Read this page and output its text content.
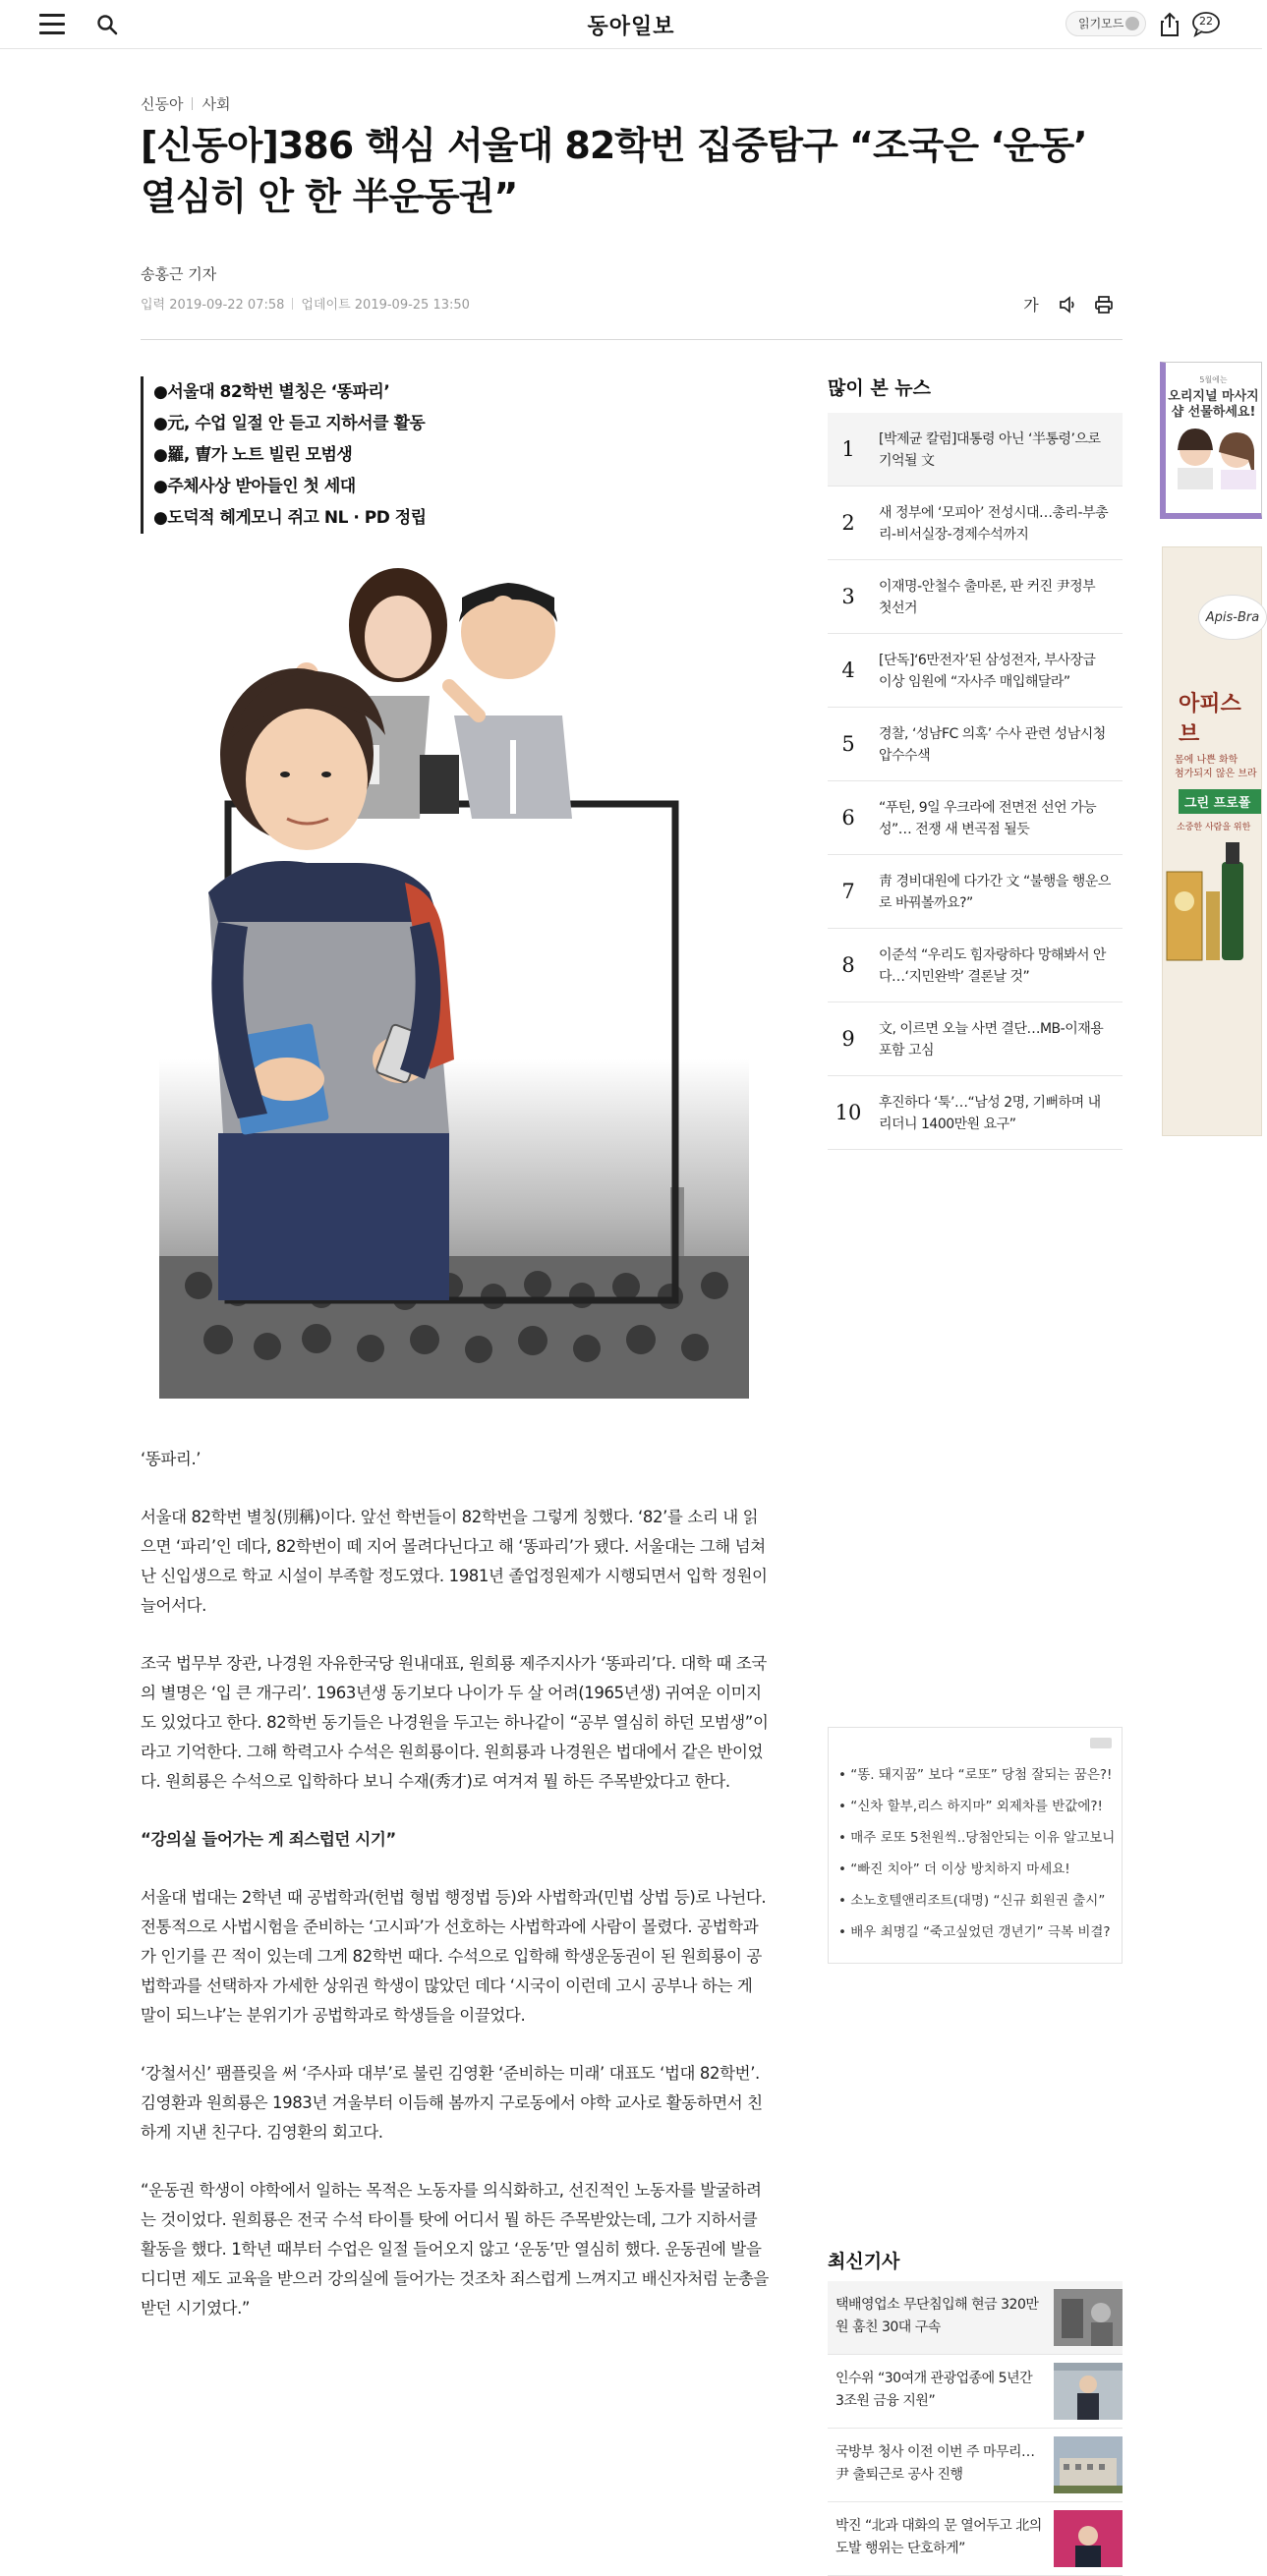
동아일보	읽기모드	22
신동아 사회
[신동아]386 핵심 서울대 82학번 집중탐구 “조국은 ‘운동’ 열심히 안 한 半운동권”
송홍근 기자
입력 2019-09-22 07:58 업데이트 2019-09-25 13:50	가
●서울대 82학번 별칭은 ‘똥파리’
●元, 수업 일절 안 듣고 지하서클 활동
●羅, 曺가 노트 빌린 모범생
●주체사상 받아들인 첫 세대
●도덕적 헤게모니 쥐고 NL · PD 정립

‘똥파리.’

서울대 82학번 별칭(別稱)이다. 앞선 학번들이 82학번을 그렇게 칭했다. ‘82’를 소리 내 읽으면 ‘파리’인 데다, 82학번이 떼 지어 몰려다닌다고 해 ‘똥파리’가 됐다. 서울대는 그해 넘쳐난 신입생으로 학교 시설이 부족할 정도였다. 1981년 졸업정원제가 시행되면서 입학 정원이 늘어서다.

조국 법무부 장관, 나경원 자유한국당 원내대표, 원희룡 제주지사가 ‘똥파리’다. 대학 때 조국의 별명은 ‘입 큰 개구리’. 1963년생 동기보다 나이가 두 살 어려(1965년생) 귀여운 이미지도 있었다고 한다. 82학번 동기들은 나경원을 두고는 하나같이 “공부 열심히 하던 모범생”이라고 기억한다. 그해 학력고사 수석은 원희룡이다. 원희룡과 나경원은 법대에서 같은 반이었다. 원희룡은 수석으로 입학하다 보니 수재(秀才)로 여겨져 뭘 하든 주목받았다고 한다.

“강의실 들어가는 게 죄스럽던 시기”

서울대 법대는 2학년 때 공법학과(헌법 형법 행정법 등)와 사법학과(민법 상법 등)로 나뉜다. 전통적으로 사법시험을 준비하는 ‘고시파’가 선호하는 사법학과에 사람이 몰렸다. 공법학과가 인기를 끈 적이 있는데 그게 82학번 때다. 수석으로 입학해 학생운동권이 된 원희룡이 공법학과를 선택하자 가세한 상위권 학생이 많았던 데다 ‘시국이 이런데 고시 공부나 하는 게 말이 되느냐’는 분위기가 공법학과로 학생들을 이끌었다.

‘강철서신’ 팸플릿을 써 ‘주사파 대부’로 불린 김영환 ‘준비하는 미래’ 대표도 ‘법대 82학번’. 김영환과 원희룡은 1983년 겨울부터 이듬해 봄까지 구로동에서 야학 교사로 활동하면서 친하게 지낸 친구다. 김영환의 회고다.

“운동권 학생이 야학에서 일하는 목적은 노동자를 의식화하고, 선진적인 노동자를 발굴하려는 것이었다. 원희룡은 전국 수석 타이틀 탓에 어디서 뭘 하든 주목받았는데, 그가 지하서클 활동을 했다. 1학년 때부터 수업은 일절 들어오지 않고 ‘운동’만 열심히 했다. 운동권에 발을 디디면 제도 교육을 받으러 강의실에 들어가는 것조차 죄스럽게 느껴지고 배신자처럼 눈총을 받던 시기였다.”

많이 본 뉴스
1	[박제균 칼럼]대통령 아닌 ‘半통령’으로 기억될 文
2	새 정부에 ‘모피아’ 전성시대…총리-부총리-비서실장-경제수석까지
3	이재명-안철수 출마론, 판 커진 尹정부 첫선거
4	[단독]‘6만전자’된 삼성전자, 부사장급 이상 임원에 “자사주 매입해달라”
5	경찰, ‘성남FC 의혹’ 수사 관련 성남시청 압수수색
6	“푸틴, 9일 우크라에 전면전 선언 가능성”… 전쟁 새 변곡점 될듯
7	靑 경비대원에 다가간 文 “불행을 행운으로 바꿔볼까요?”
8	이준석 “우리도 힘자랑하다 망해봐서 안다…‘지민완박’ 결론날 것”
9	文, 이르면 오늘 사면 결단…MB-이재용 포함 고심
10	후진하다 ‘툭’…“남성 2명, 기뻐하며 내리더니 1400만원 요구”
5월에는
오리지널 마사지샵 선물하세요!
Apis-Bra
아피스브
몸에 나쁜 화학
첨가되지 않은 브라
그린 프로폴
소중한 사람을 위한
• “똥. 돼지꿈” 보다 “로또” 당첨 잘되는 꿈은?!
• “신차 할부,리스 하지마” 외제차를 반값에?!
• 매주 로또 5천원씩..당첨안되는 이유 알고보니
• “빠진 치아” 더 이상 방치하지 마세요!
• 소노호텔앤리조트(대명) “신규 회원권 출시”
• 배우 최명길 “죽고싶었던 갱년기” 극복 비결?
최신기사
택배영업소 무단침입해 현금 320만 원 훔친 30대 구속
인수위 “30여개 관광업종에 5년간 3조원 금융 지원”
국방부 청사 이전 이번 주 마무리…尹 출퇴근로 공사 진행
박진 “北과 대화의 문 열어두고 北의 도발 행위는 단호하게”
